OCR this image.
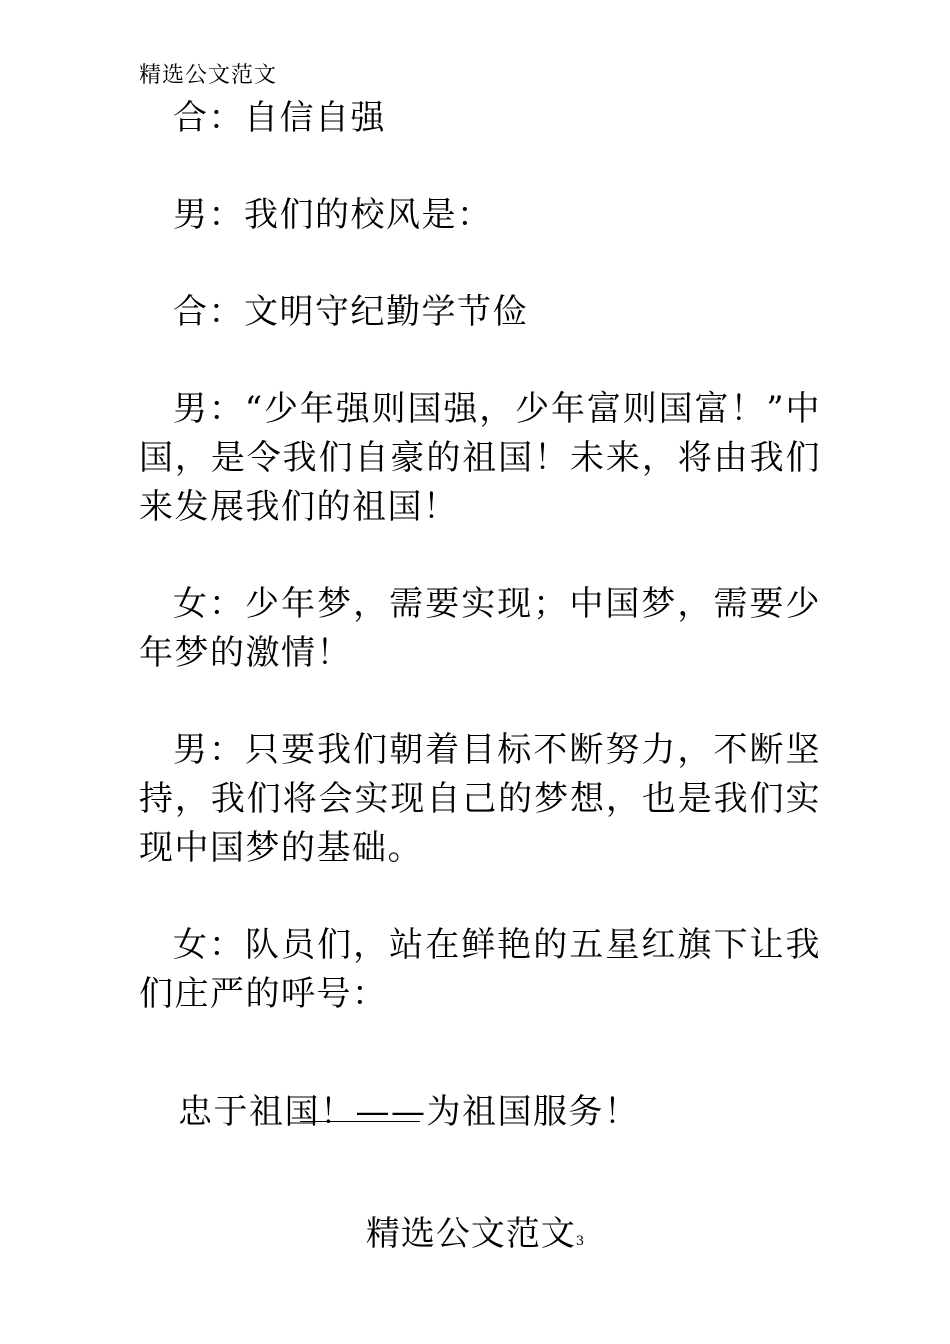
精选公文范文

合：自信自强

男：我们的校风是：

合：文明守纪勤学节俭

男：“少年强则国强，少年富则国富！”中国，是令我们自豪的祖国！未来，将由我们来发展我们的祖国！

女：少年梦，需要实现；中国梦，需要少年梦的激情！

男：只要我们朝着目标不断努力，不断坚持，我们将会实现自己的梦想，也是我们实现中国梦的基础。

女：队员们，站在鲜艳的五星红旗下让我们庄严的呼号：

忠于祖国！——为祖国服务！

精选公文范文3
